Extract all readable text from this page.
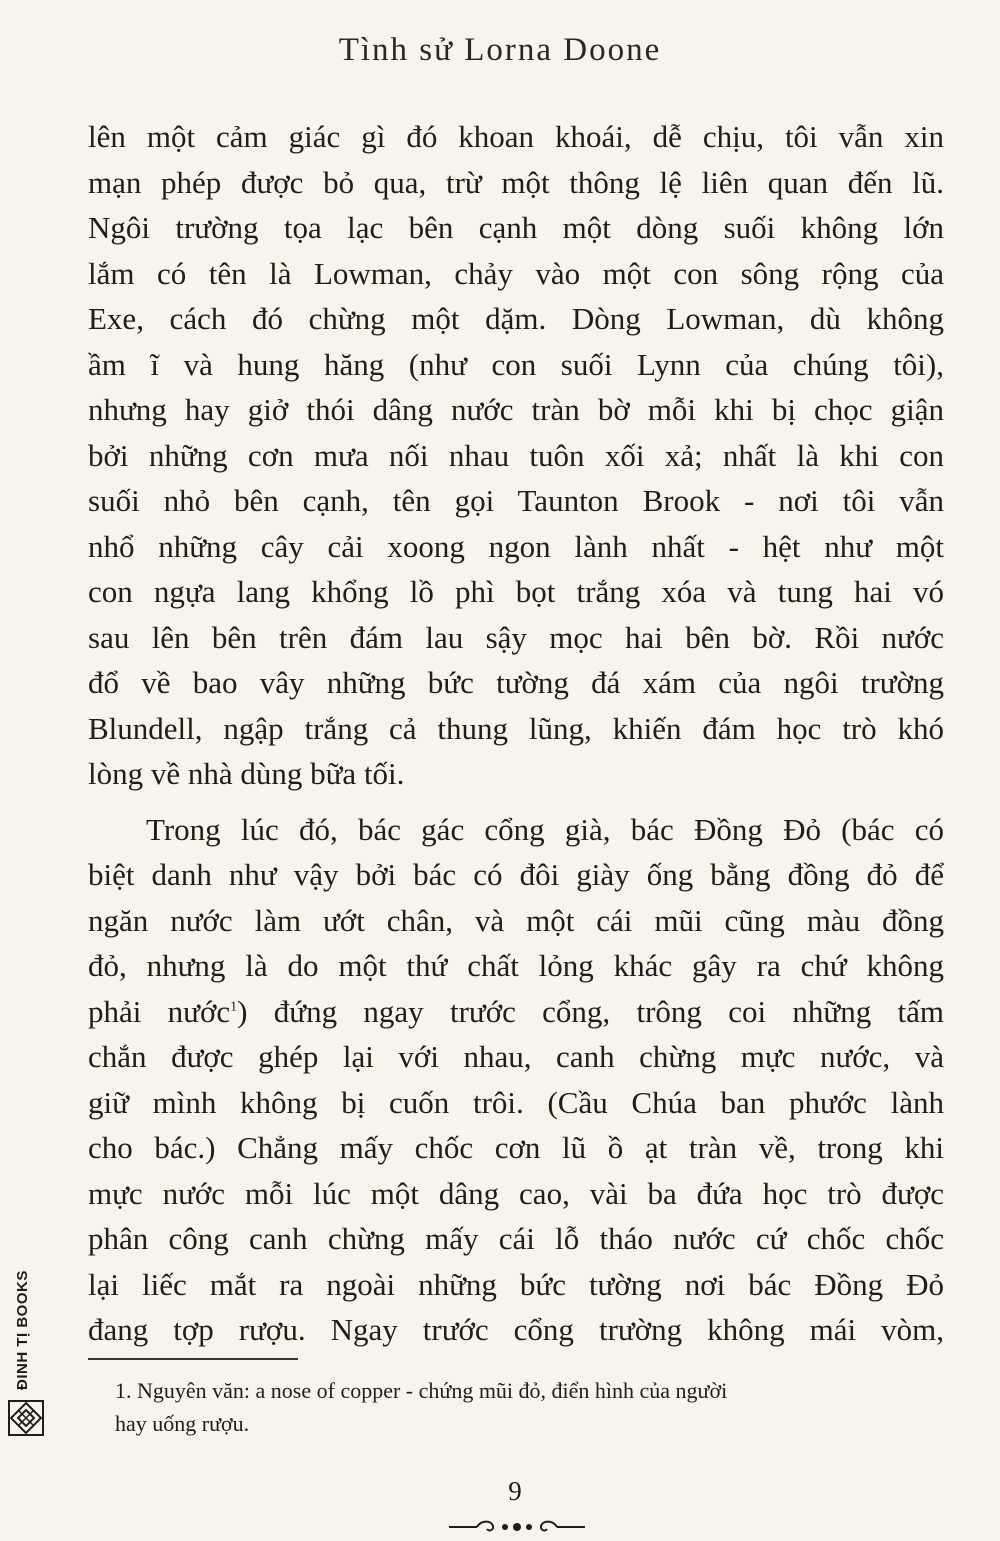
Tình sử Lorna Doone
lên một cảm giác gì đó khoan khoái, dễ chịu, tôi vẫn xin
mạn phép được bỏ qua, trừ một thông lệ liên quan đến lũ.
Ngôi trường tọa lạc bên cạnh một dòng suối không lớn
lắm có tên là Lowman, chảy vào một con sông rộng của
Exe, cách đó chừng một dặm. Dòng Lowman, dù không
ầm ĩ và hung hăng (như con suối Lynn của chúng tôi),
nhưng hay giở thói dâng nước tràn bờ mỗi khi bị chọc giận
bởi những cơn mưa nối nhau tuôn xối xả; nhất là khi con
suối nhỏ bên cạnh, tên gọi Taunton Brook - nơi tôi vẫn
nhổ những cây cải xoong ngon lành nhất - hệt như một
con ngựa lang khổng lồ phì bọt trắng xóa và tung hai vó
sau lên bên trên đám lau sậy mọc hai bên bờ. Rồi nước
đổ về bao vây những bức tường đá xám của ngôi trường
Blundell, ngập trắng cả thung lũng, khiến đám học trò khó
lòng về nhà dùng bữa tối.
Trong lúc đó, bác gác cổng già, bác Đồng Đỏ (bác có
biệt danh như vậy bởi bác có đôi giày ống bằng đồng đỏ để
ngăn nước làm ướt chân, và một cái mũi cũng màu đồng
đỏ, nhưng là do một thứ chất lỏng khác gây ra chứ không
phải nước$^1$) đứng ngay trước cổng, trông coi những tấm
chắn được ghép lại với nhau, canh chừng mực nước, và
giữ mình không bị cuốn trôi. (Cầu Chúa ban phước lành
cho bác.) Chẳng mấy chốc cơn lũ ồ ạt tràn về, trong khi
mực nước mỗi lúc một dâng cao, vài ba đứa học trò được
phân công canh chừng mấy cái lỗ tháo nước cứ chốc chốc
lại liếc mắt ra ngoài những bức tường nơi bác Đồng Đỏ
đang tợp rượu. Ngay trước cổng trường không mái vòm,
1. Nguyên văn: a nose of copper - chứng mũi đỏ, điển hình của người
hay uống rượu.
9
ĐINH TỊ BOOKS
